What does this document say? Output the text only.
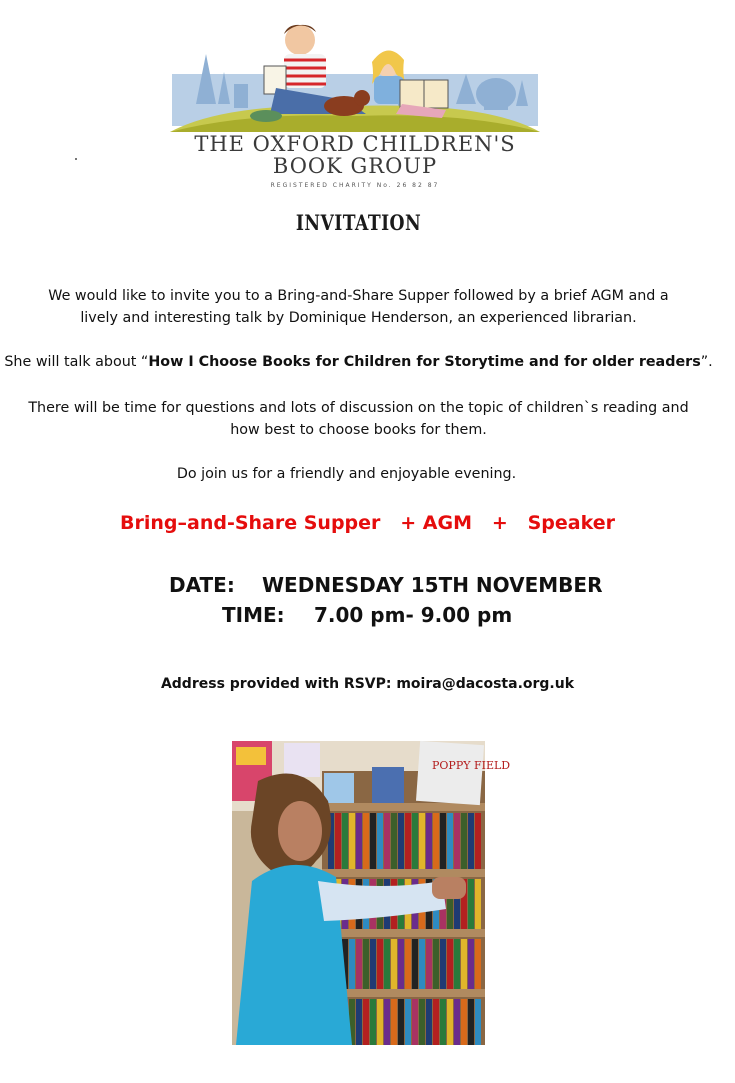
THE OXFORD CHILDREN'S
BOOK GROUP
REGISTERED CHARITY No. 26 82 87
INVITATION
We would like to invite you to a Bring-and-Share Supper followed by a brief AGM and a
lively and interesting talk by Dominique Henderson, an experienced librarian.
She will talk about “How I Choose Books for Children for Storytime and for older readers”.
There will be time for questions and lots of discussion on the topic of children`s reading and
how best to choose books for them.
Do join us for a friendly and enjoyable evening.
Bring–and-Share Supper   + AGM   +   Speaker
DATE: WEDNESDAY 15TH NOVEMBER
TIME: 7.00 pm- 9.00 pm
Address provided with RSVP: moira@dacosta.org.uk
POPPY FIELD
